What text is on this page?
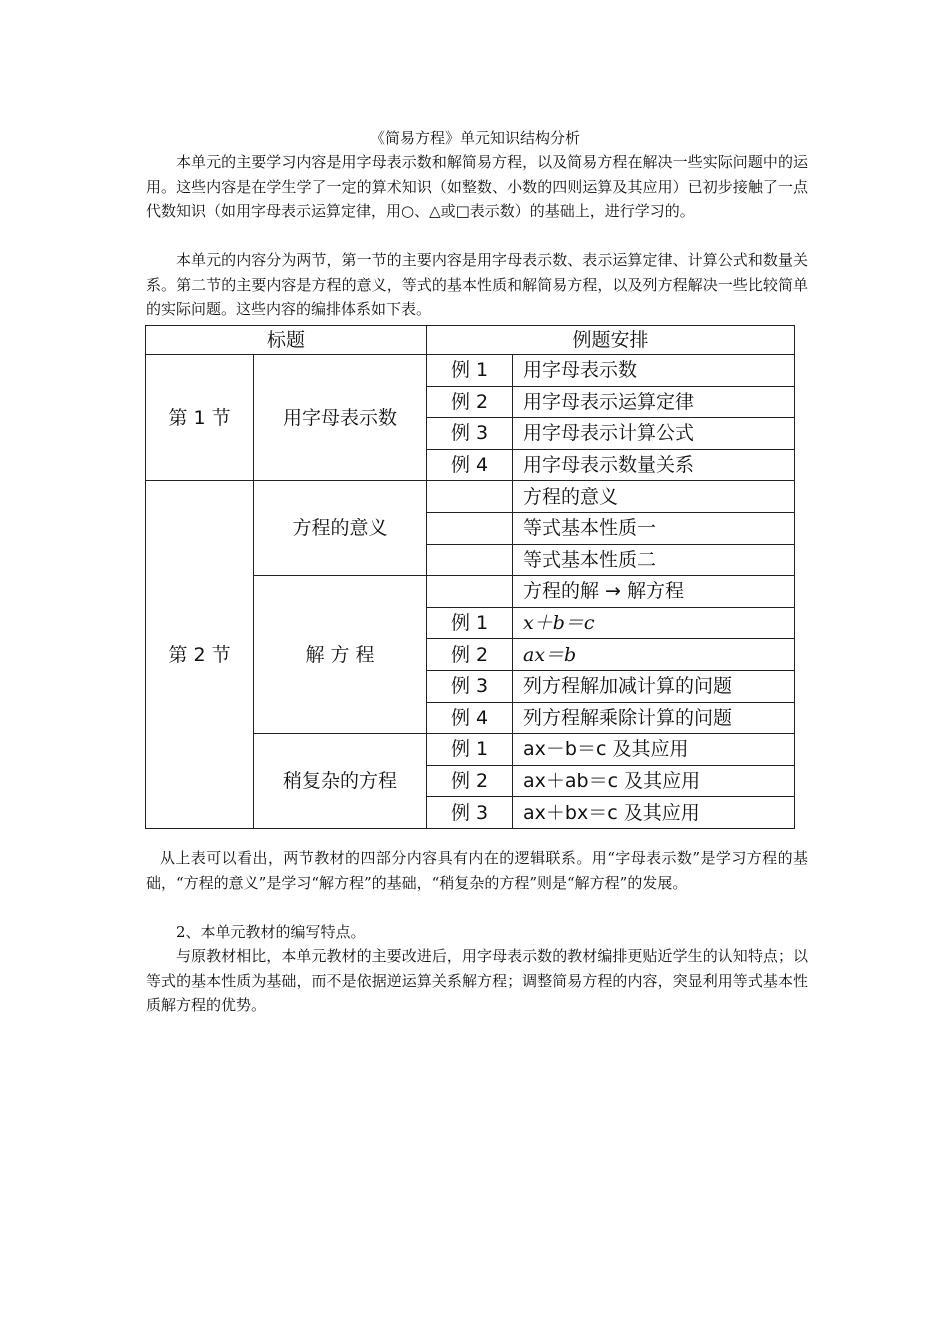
《简易方程》单元知识结构分析

本单元的主要学习内容是用字母表示数和解简易方程，以及简易方程在解决一些实际问题中的运用。这些内容是在学生学了一定的算术知识（如整数、小数的四则运算及其应用）已初步接触了一点代数知识（如用字母表示运算定律，用○、△或□表示数）的基础上，进行学习的。

本单元的内容分为两节，第一节的主要内容是用字母表示数、表示运算定律、计算公式和数量关系。第二节的主要内容是方程的意义，等式的基本性质和解简易方程，以及列方程解决一些比较简单的实际问题。这些内容的编排体系如下表。

标题		例题安排	
第 1 节	用字母表示数	例 1	用字母表示数
		例 2	用字母表示运算定律
		例 3	用字母表示计算公式
		例 4	用字母表示数量关系
第 2 节	方程的意义		方程的意义
			等式基本性质一
			等式基本性质二
	解 方 程		方程的解 → 解方程
		例 1	x＋b＝c
		例 2	ax＝b
		例 3	列方程解加减计算的问题
		例 4	列方程解乘除计算的问题
	稍复杂的方程	例 1	ax－b＝c 及其应用
		例 2	ax＋ab＝c 及其应用
		例 3	ax＋bx＝c 及其应用

从上表可以看出，两节教材的四部分内容具有内在的逻辑联系。用“字母表示数”是学习方程的基础，“方程的意义”是学习“解方程”的基础，“稍复杂的方程”则是“解方程”的发展。

2、本单元教材的编写特点。

与原教材相比，本单元教材的主要改进后，用字母表示数的教材编排更贴近学生的认知特点；以等式的基本性质为基础，而不是依据逆运算关系解方程；调整简易方程的内容，突显利用等式基本性质解方程的优势。
